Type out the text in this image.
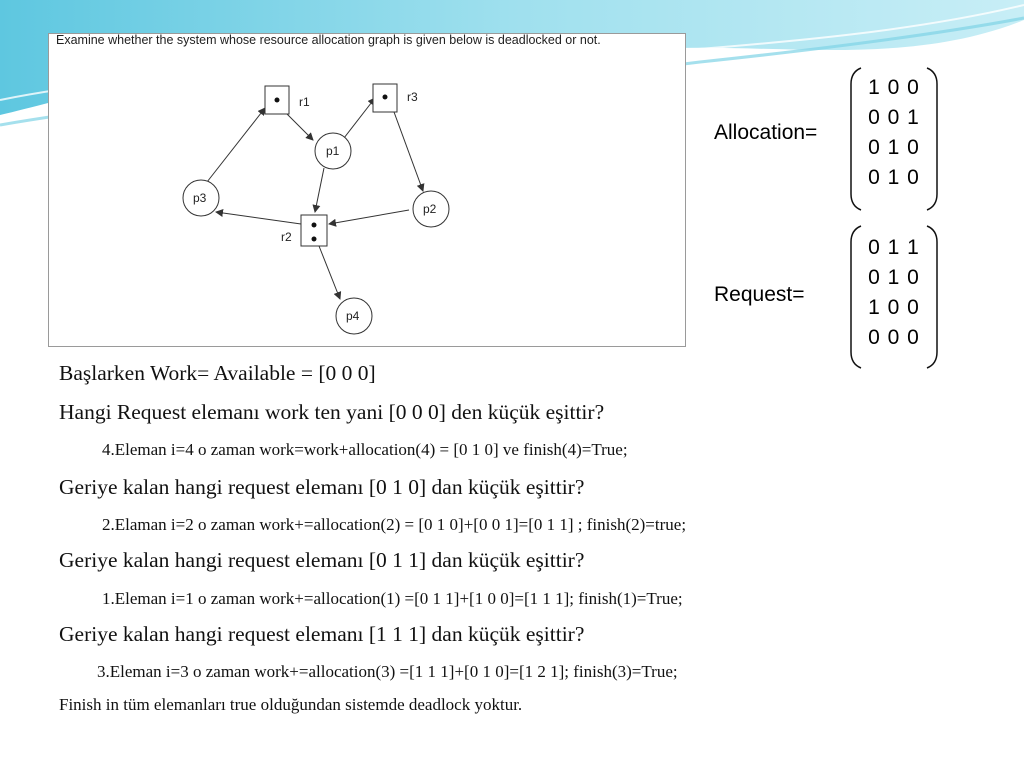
Examine whether the system whose resource allocation graph is given below is deadlocked or not.
r1	r3
r2
p1
p2
p3
p4
Allocation=
1 0 0
0 0 1
0 1 0
0 1 0
Request=
0 1 1
0 1 0
1 0 0
0 0 0
Başlarken Work= Available = [0 0 0]
Hangi Request elemanı work ten yani [0 0 0] den küçük eşittir?
4.Eleman i=4 o zaman work=work+allocation(4) = [0 1 0] ve finish(4)=True;
Geriye kalan hangi request elemanı [0 1 0] dan küçük eşittir?
2.Elaman i=2 o zaman work+=allocation(2) = [0 1 0]+[0 0 1]=[0 1 1] ; finish(2)=true;
Geriye kalan hangi request elemanı [0 1 1] dan küçük eşittir?
1.Eleman i=1 o zaman work+=allocation(1) =[0 1 1]+[1 0 0]=[1 1 1]; finish(1)=True;
Geriye kalan hangi request elemanı [1 1 1] dan küçük eşittir?
3.Eleman i=3 o zaman work+=allocation(3) =[1 1 1]+[0 1 0]=[1 2 1]; finish(3)=True;
Finish in tüm elemanları true olduğundan sistemde deadlock yoktur.
